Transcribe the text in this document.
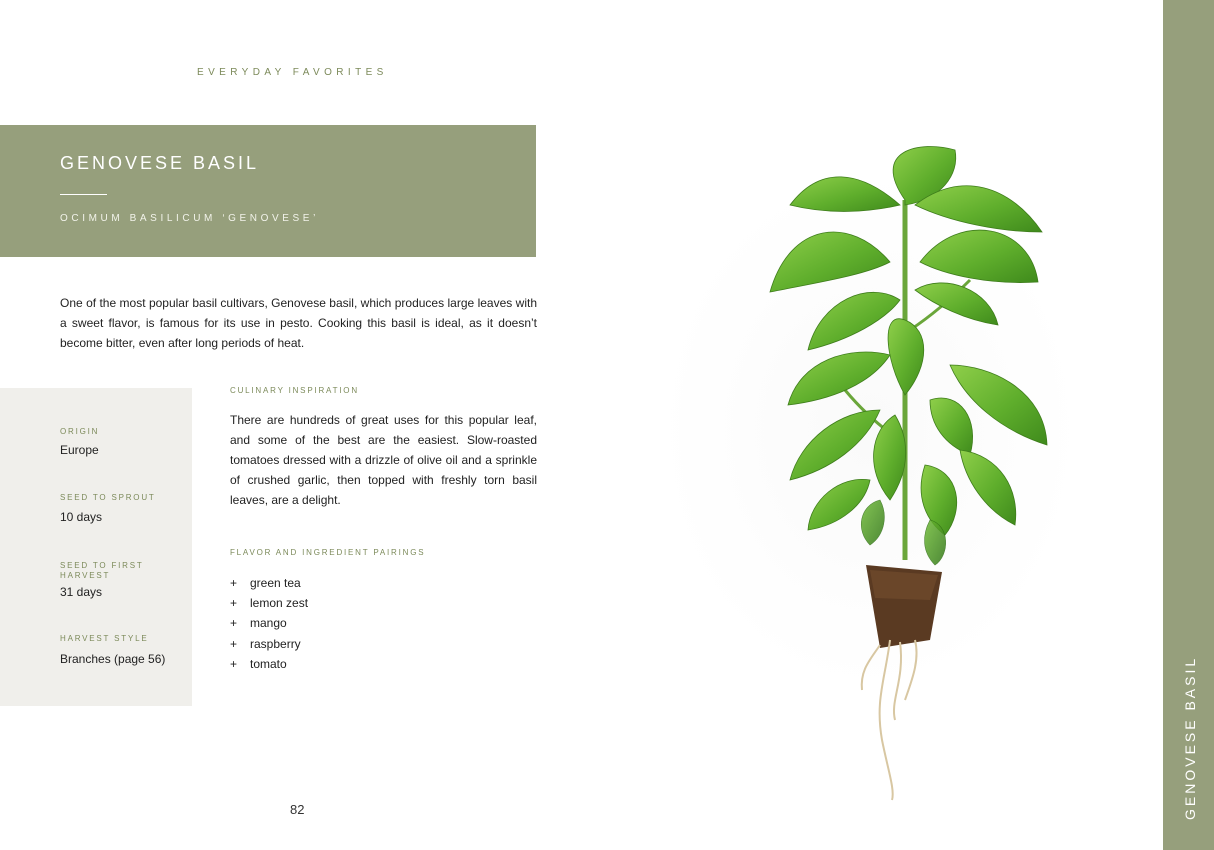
EVERYDAY FAVORITES
GENOVESE BASIL
OCIMUM BASILICUM ‘GENOVESE’

One of the most popular basil cultivars, Genovese basil, which produces large leaves with a sweet flavor, is famous for its use in pesto. Cooking this basil is ideal, as it doesn’t become bitter, even after long periods of heat.

ORIGIN
Europe
SEED TO SPROUT
10 days
SEED TO FIRST HARVEST
31 days
HARVEST STYLE
Branches (page 56)
CULINARY INSPIRATION

There are hundreds of great uses for this popular leaf, and some of the best are the easiest. Slow-roasted tomatoes dressed with a drizzle of olive oil and a sprinkle of crushed garlic, then topped with freshly torn basil leaves, are a delight.

FLAVOR AND INGREDIENT PAIRINGS
+	green tea
+	lemon zest
+	mango
+	raspberry
+	tomato
82	GENOVESE BASIL
